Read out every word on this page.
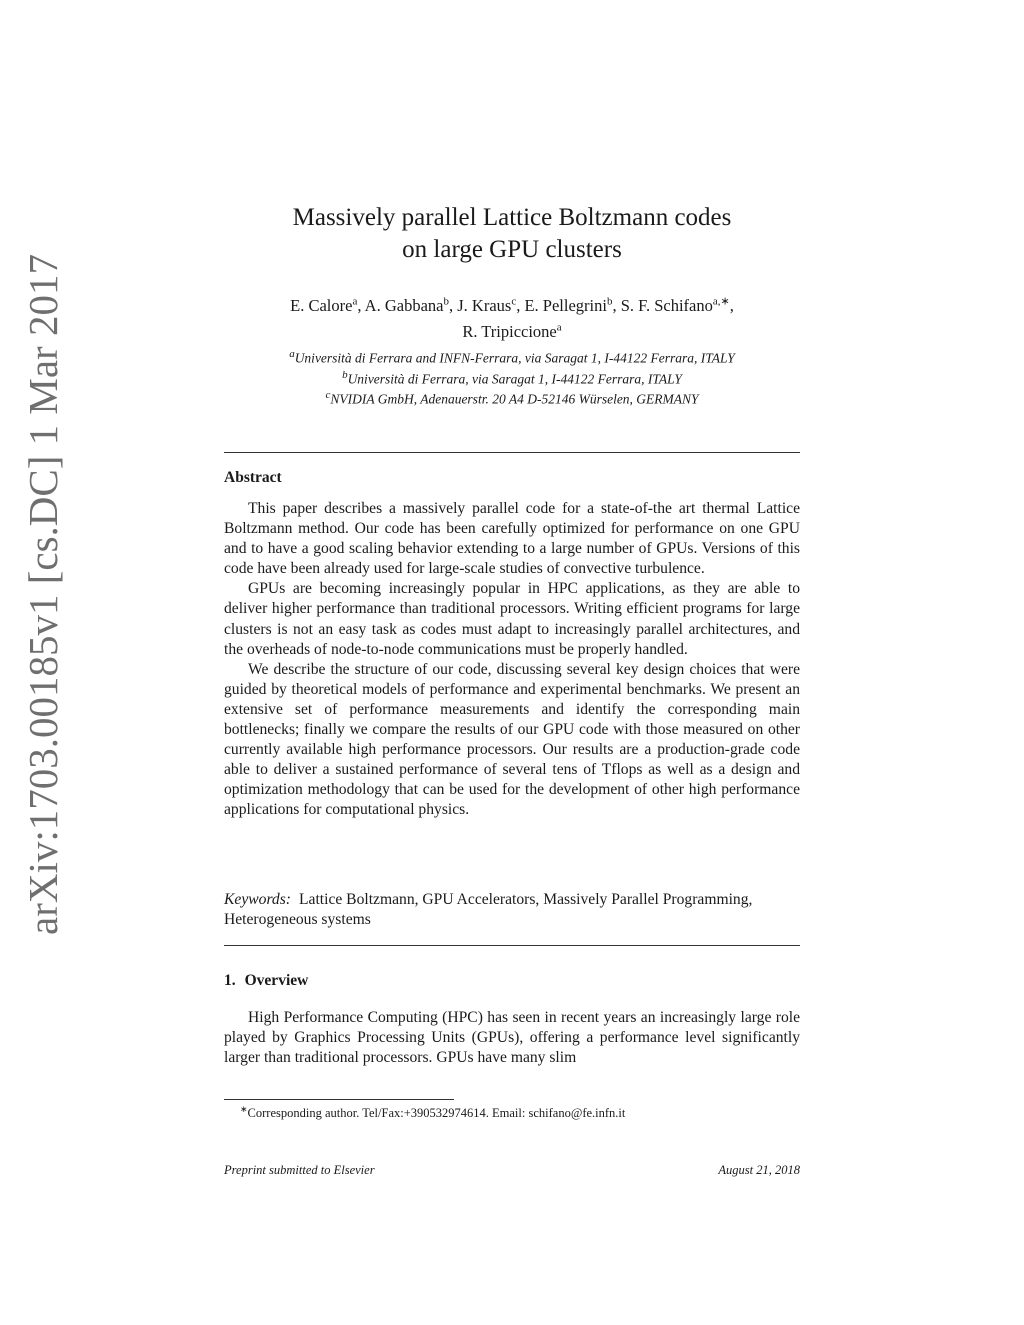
arXiv:1703.00185v1 [cs.DC] 1 Mar 2017
Massively parallel Lattice Boltzmann codes
on large GPU clusters
E. Calore$^a$, A. Gabbana$^b$, J. Kraus$^c$, E. Pellegrini$^b$, S. F. Schifano$^{a,∗}$,
R. Tripiccione$^a$
$^a$Università di Ferrara and INFN-Ferrara, via Saragat 1, I-44122 Ferrara, ITALY
$^b$Università di Ferrara, via Saragat 1, I-44122 Ferrara, ITALY
$^c$NVIDIA GmbH, Adenauerstr. 20 A4 D-52146 Würselen, GERMANY
Abstract

This paper describes a massively parallel code for a state-of-the art thermal Lattice Boltzmann method. Our code has been carefully optimized for performance on one GPU and to have a good scaling behavior extending to a large number of GPUs. Versions of this code have been already used for large-scale studies of convective turbulence.

GPUs are becoming increasingly popular in HPC applications, as they are able to deliver higher performance than traditional processors. Writing efficient programs for large clusters is not an easy task as codes must adapt to increasingly parallel architectures, and the overheads of node-to-node communications must be properly handled.

We describe the structure of our code, discussing several key design choices that were guided by theoretical models of performance and experimental benchmarks. We present an extensive set of performance measurements and identify the corresponding main bottlenecks; finally we compare the results of our GPU code with those measured on other currently available high performance processors. Our results are a production-grade code able to deliver a sustained performance of several tens of Tflops as well as a design and optimization methodology that can be used for the development of other high performance applications for computational physics.

Keywords: Lattice Boltzmann, GPU Accelerators, Massively Parallel Programming, Heterogeneous systems
1. Overview

High Performance Computing (HPC) has seen in recent years an increasingly large role played by Graphics Processing Units (GPUs), offering a performance level significantly larger than traditional processors. GPUs have many slim

∗Corresponding author. Tel/Fax:+390532974614. Email: schifano@fe.infn.it
Preprint submitted to Elsevier	August 21, 2018
